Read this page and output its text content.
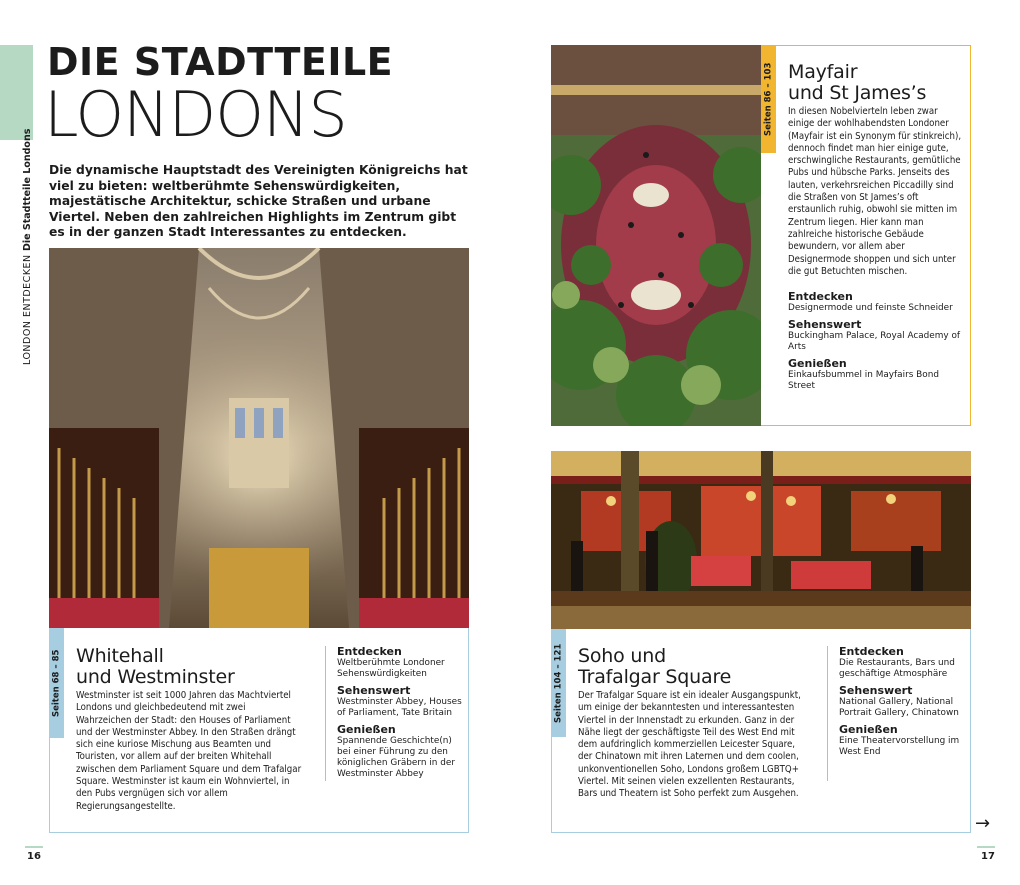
LONDON ENTDECKEN Die Stadtteile Londons
DIE STADTTEILE
LONDONS
Die dynamische Hauptstadt des Vereinigten Königreichs hat viel zu bieten: weltberühmte Sehenswürdigkeiten, majestätische Architektur, schicke Straßen und urbane Viertel. Neben den zahlreichen Highlights im Zentrum gibt es in der ganzen Stadt Interessantes zu entdecken.
Seiten 68 – 85 Whitehall
und Westminster
Westminster ist seit 1000 Jahren das Machtviertel Londons und gleichbedeutend mit zwei Wahrzeichen der Stadt: den Houses of Parliament und der Westminster Abbey. In den Straßen drängt sich eine kuriose Mischung aus Beamten und Touristen, vor allem auf der breiten Whitehall zwischen dem Parliament Square und dem Trafalgar Square. Westminster ist kaum ein Wohnviertel, in den Pubs vergnügen sich vor allem Regierungsangestellte.
Entdecken
Weltberühmte Londoner Sehenswürdigkeiten
Sehenswert
Westminster Abbey, Houses of Parliament, Tate Britain
Genießen
Spannende Geschichte(n) bei einer Führung zu den königlichen Gräbern in der Westminster Abbey
Seiten 86 – 103 Mayfair
und St James’s
In diesen Nobelvierteln leben zwar einige der wohlhabendsten Londoner (Mayfair ist ein Synonym für stinkreich), dennoch findet man hier einige gute, erschwingliche Restaurants, gemütliche Pubs und hübsche Parks. Jenseits des lauten, verkehrsreichen Piccadilly sind die Straßen von St James’s oft erstaunlich ruhig, obwohl sie mitten im Zentrum liegen. Hier kann man zahlreiche historische Gebäude bewundern, vor allem aber Designermode shoppen und sich unter die gut Betuchten mischen.
Entdecken
Designermode und feinste Schneider
Sehenswert
Buckingham Palace, Royal Academy of Arts
Genießen
Einkaufsbummel in Mayfairs Bond Street
Seiten 104 – 121 Soho und
Trafalgar Square
Der Trafalgar Square ist ein idealer Ausgangspunkt, um einige der bekanntesten und interessantesten Viertel in der Innenstadt zu erkunden. Ganz in der Nähe liegt der geschäftigste Teil des West End mit dem aufdringlich kommerziellen Leicester Square, der Chinatown mit ihren Laternen und dem coolen, unkonventionellen Soho, Londons großem LGBTQ+ Viertel. Mit seinen vielen exzellenten Restaurants, Bars und Theatern ist Soho perfekt zum Ausgehen.
Entdecken
Die Restaurants, Bars und geschäftige Atmosphäre
Sehenswert
National Gallery, National Portrait Gallery, Chinatown
Genießen
Eine Theatervorstellung im West End
16	17
→
